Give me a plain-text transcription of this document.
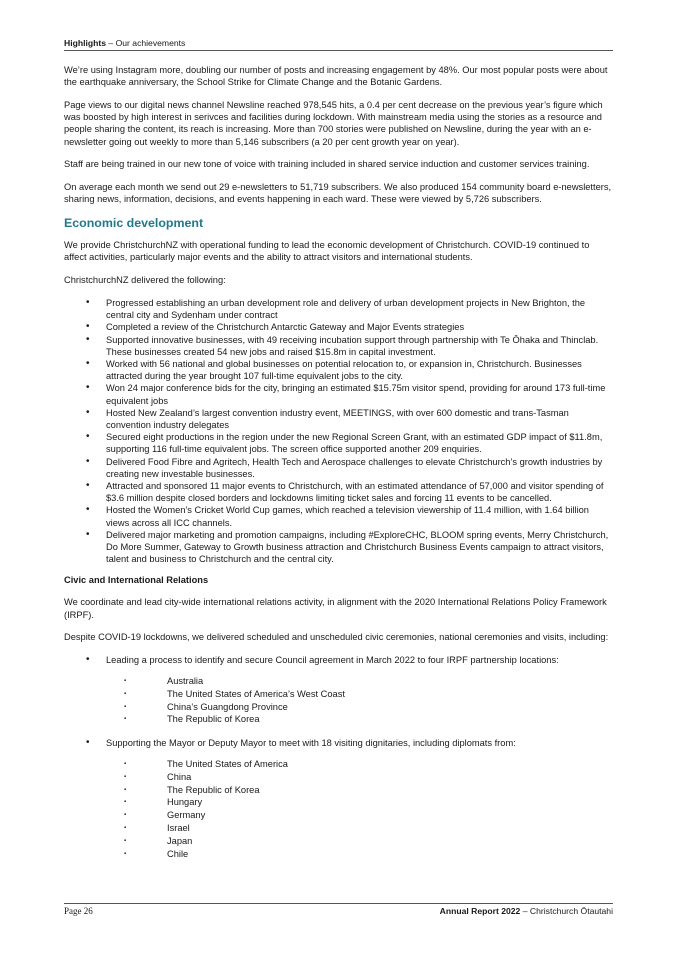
Highlights – Our achievements

We’re using Instagram more, doubling our number of posts and increasing engagement by 48%. Our most popular posts were about the earthquake anniversary, the School Strike for Climate Change and the Botanic Gardens.

Page views to our digital news channel Newsline reached 978,545 hits, a 0.4 per cent decrease on the previous year’s figure which was boosted by high interest in serivces and facilities during lockdown. With mainstream media using the stories as a resource and people sharing the content, its reach is increasing. More than 700 stories were published on Newsline, during the year with an e-newsletter going out weekly to more than 5,146 subscribers (a 20 per cent growth year on year).

Staff are being trained in our new tone of voice with training included in shared service induction and customer services training.

On average each month we send out 29 e-newsletters to 51,719 subscribers. We also produced 154 community board e-newsletters, sharing news, information, decisions, and events happening in each ward. These were viewed by 5,726 subscribers.

Economic development

We provide ChristchurchNZ with operational funding to lead the economic development of Christchurch. COVID-19 continued to affect activities, particularly major events and the ability to attract visitors and international students.

ChristchurchNZ delivered the following:

• Progressed establishing an urban development role and delivery of urban development projects in New Brighton, the central city and Sydenham under contract
• Completed a review of the Christchurch Antarctic Gateway and Major Events strategies
• Supported innovative businesses, with 49 receiving incubation support through partnership with Te Ōhaka and Thinclab. These businesses created 54 new jobs and raised $15.8m in capital investment.
• Worked with 56 national and global businesses on potential relocation to, or expansion in, Christchurch. Businesses attracted during the year brought 107 full-time equivalent jobs to the city.
• Won 24 major conference bids for the city, bringing an estimated $15.75m visitor spend, providing for around 173 full-time equivalent jobs
• Hosted New Zealand’s largest convention industry event, MEETINGS, with over 600 domestic and trans-Tasman convention industry delegates
• Secured eight productions in the region under the new Regional Screen Grant, with an estimated GDP impact of $11.8m, supporting 116 full-time equivalent jobs. The screen office supported another 209 enquiries.
• Delivered Food Fibre and Agritech, Health Tech and Aerospace challenges to elevate Christchurch’s growth industries by creating new investable businesses.
• Attracted and sponsored 11 major events to Christchurch, with an estimated attendance of 57,000 and visitor spending of $3.6 million despite closed borders and lockdowns limiting ticket sales and forcing 11 events to be cancelled.
• Hosted the Women’s Cricket World Cup games, which reached a television viewership of 11.4 million, with 1.64 billion views across all ICC channels.
• Delivered major marketing and promotion campaigns, including #ExploreCHC, BLOOM spring events, Merry Christchurch, Do More Summer, Gateway to Growth business attraction and Christchurch Business Events campaign to attract visitors, talent and business to Christchurch and the central city.
Civic and International Relations

We coordinate and lead city-wide international relations activity, in alignment with the 2020 International Relations Policy Framework (IRPF).

Despite COVID-19 lockdowns, we delivered scheduled and unscheduled civic ceremonies, national ceremonies and visits, including:

• Leading a process to identify and secure Council agreement in March 2022 to four IRPF partnership locations:
▪ Australia
▪ The United States of America’s West Coast
▪ China’s Guangdong Province
▪ The Republic of Korea
• Supporting the Mayor or Deputy Mayor to meet with 18 visiting dignitaries, including diplomats from:
▪ The United States of America
▪ China
▪ The Republic of Korea
▪ Hungary
▪ Germany
▪ Israel
▪ Japan
▪ Chile
Page 26	Annual Report 2022 – Christchurch Ōtautahi
